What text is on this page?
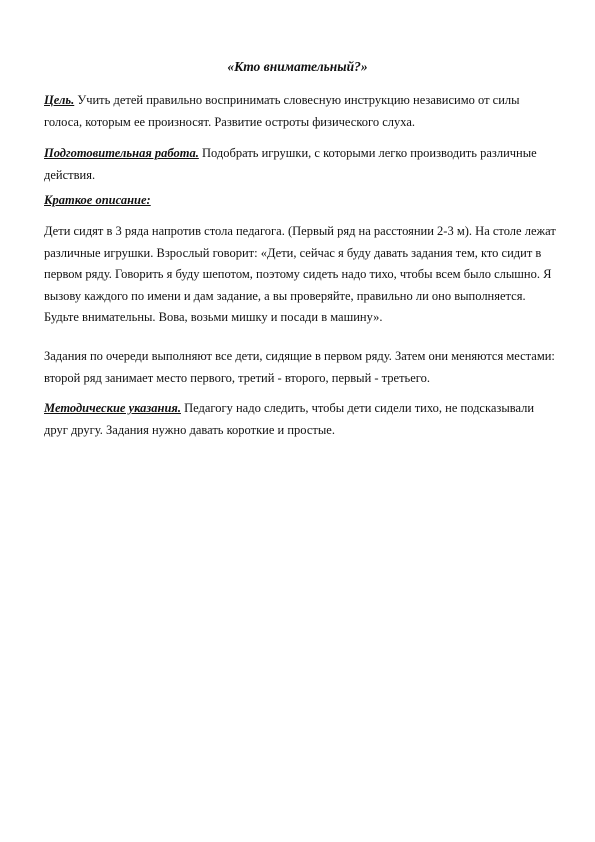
«Кто внимательный?»
Цель. Учить детей правильно воспринимать словесную инструкцию независимо от силы голоса, которым ее произносят. Развитие остроты физического слуха.
Подготовительная работа. Подобрать игрушки, с которыми легко производить различные действия.
Краткое описание:
Дети сидят в 3 ряда напротив стола педагога. (Первый ряд на расстоянии 2-3 м). На столе лежат различные игрушки. Взрослый говорит: «Дети, сейчас я буду давать задания тем, кто сидит в первом ряду. Говорить я буду шепотом, поэтому сидеть надо тихо, чтобы всем было слышно. Я вызову каждого по имени и дам задание, а вы проверяйте, правильно ли оно выполняется. Будьте внимательны. Вова, возьми мишку и посади в машину».
Задания по очереди выполняют все дети, сидящие в первом ряду. Затем они меняются местами: второй ряд занимает место первого, третий - второго, первый - третьего.
Методические указания. Педагогу надо следить, чтобы дети сидели тихо, не подсказывали друг другу. Задания нужно давать короткие и простые.
